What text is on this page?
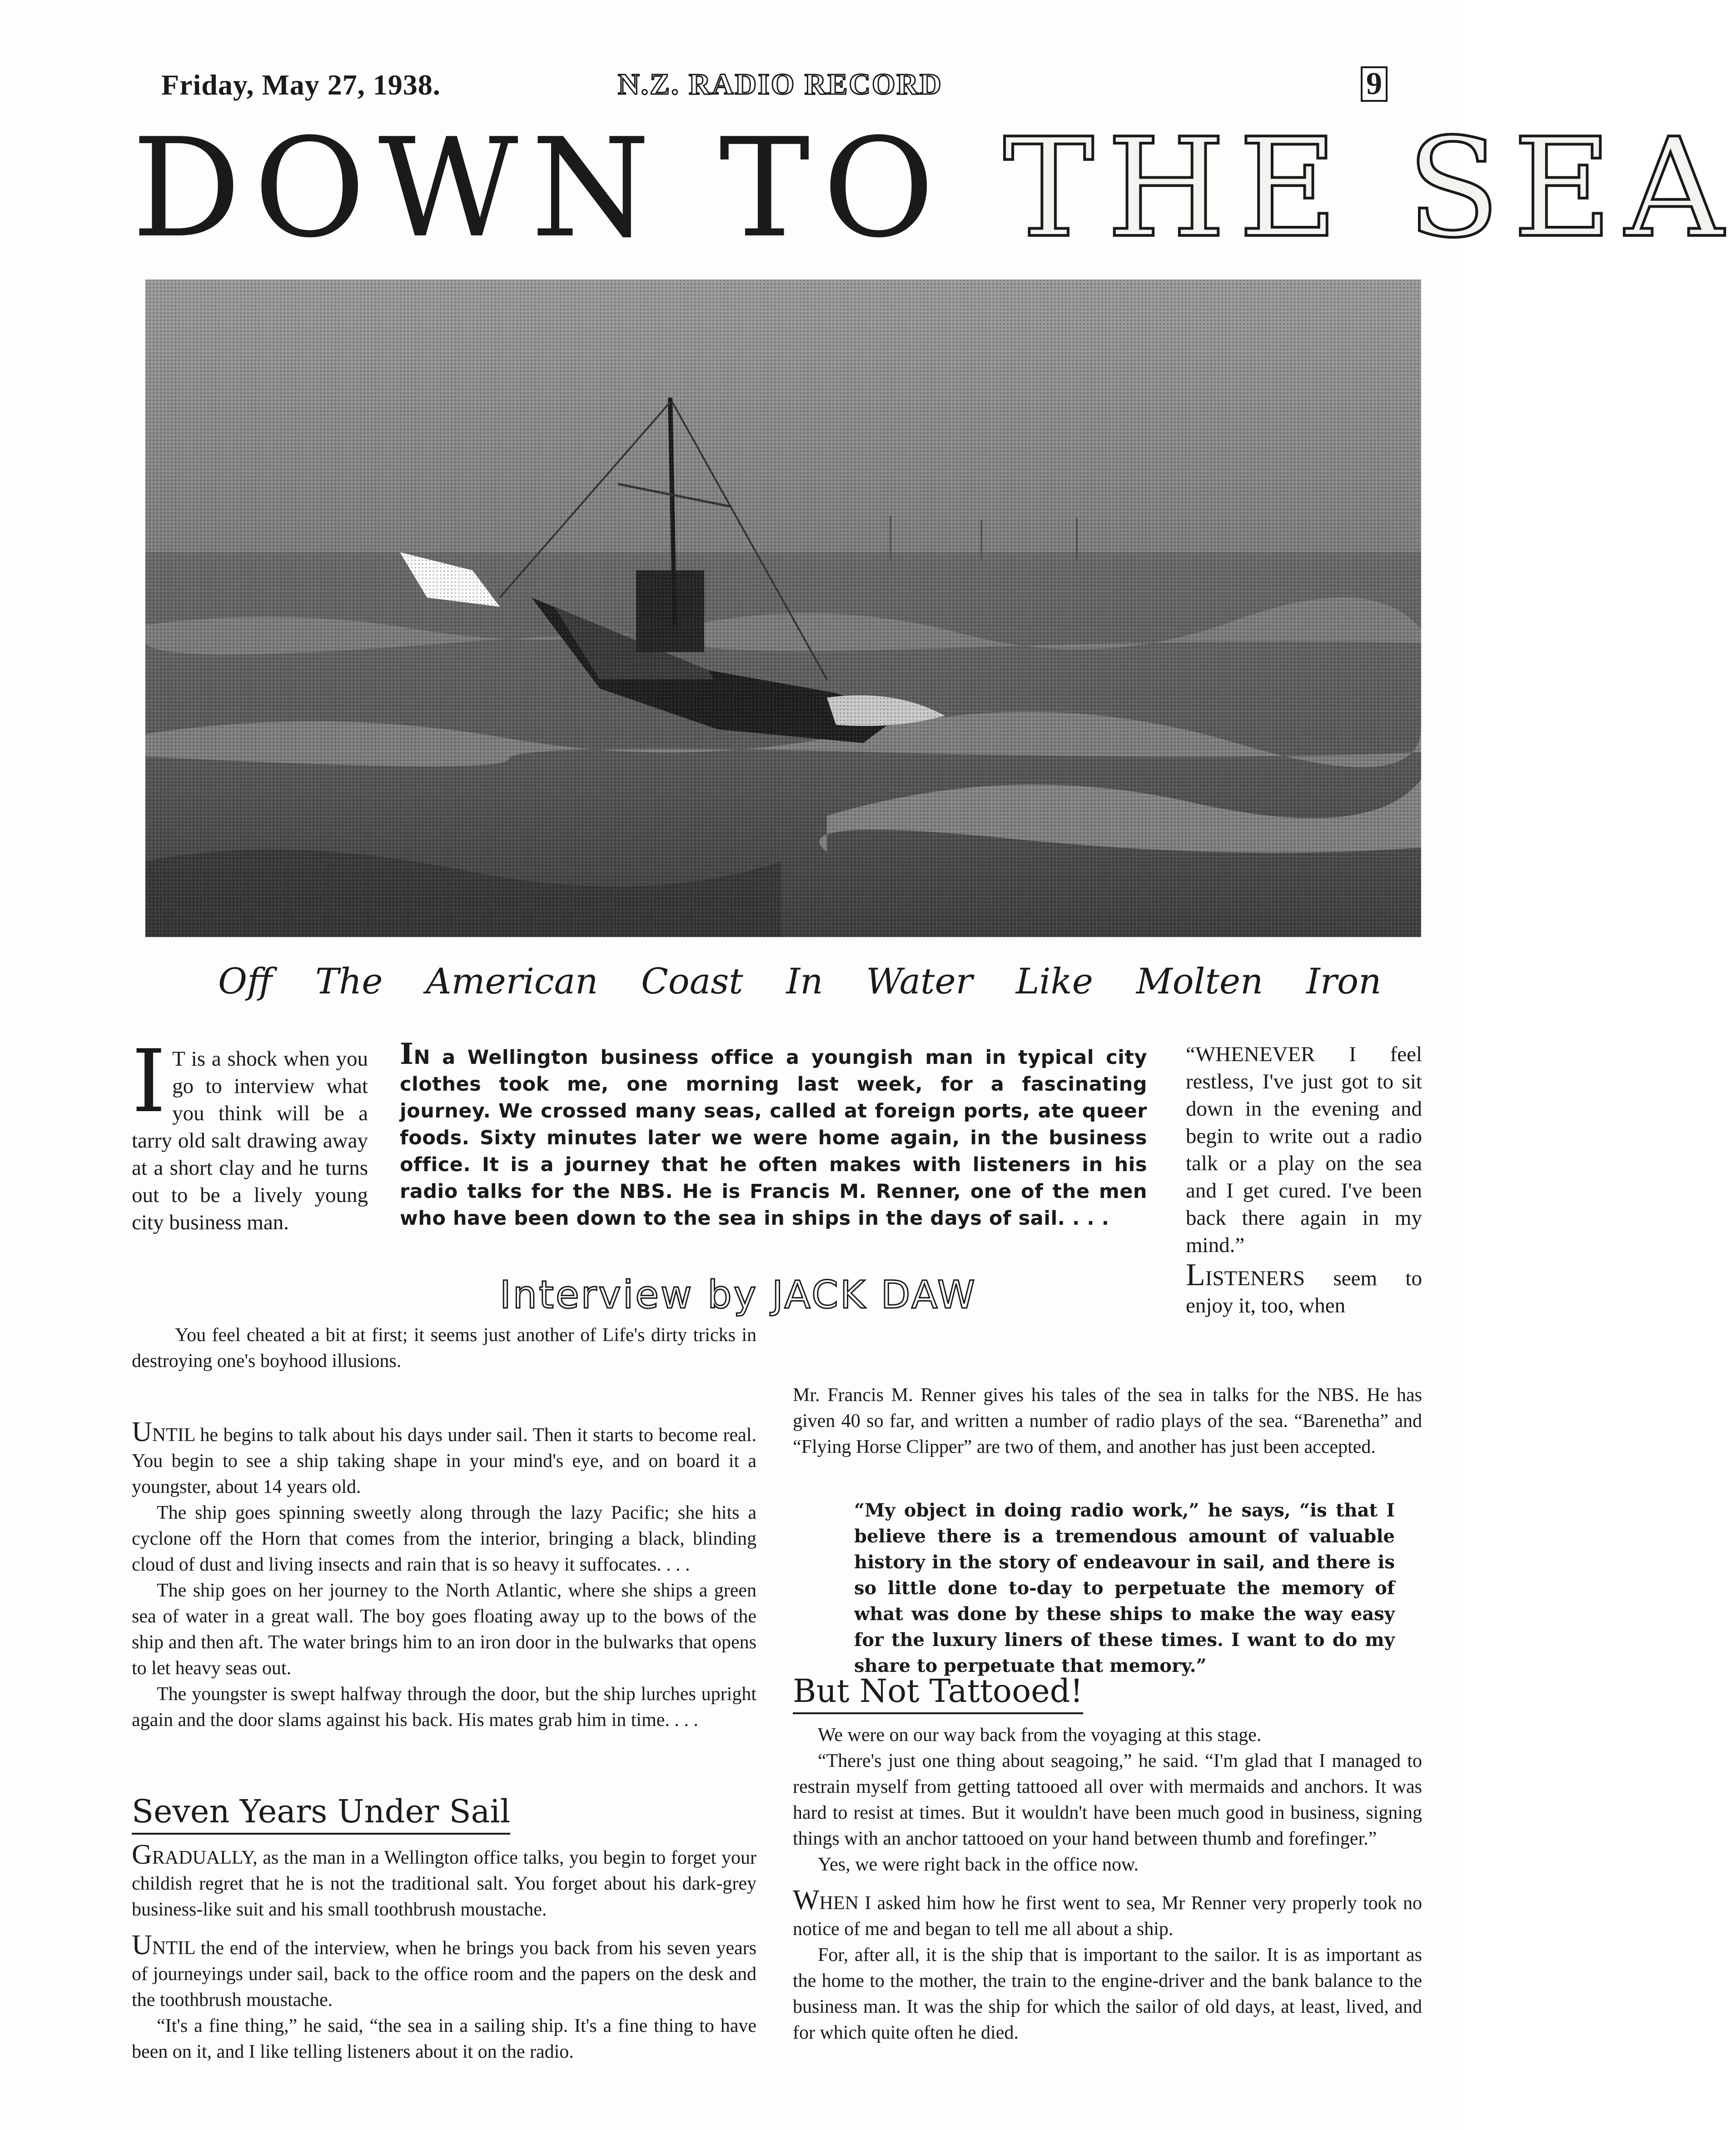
Friday, May 27, 1938.	N.Z. RADIO RECORD	9
DOWN TO THE SEA
Off The American Coast In Water Like Molten Iron
I T is a shock when you go to interview what you think will be a tarry old salt drawing away at a short clay and he turns out to be a lively young city business man.

You feel cheated a bit at first; it seems just another of Life's dirty tricks in destroying one's boyhood illusions.

IN a Wellington business office a youngish man in typical city clothes took me, one morning last week, for a fascinating journey. We crossed many seas, called at foreign ports, ate queer foods. Sixty minutes later we were home again, in the business office. It is a journey that he often makes with listeners in his radio talks for the NBS. He is Francis M. Renner, one of the men who have been down to the sea in ships in the days of sail. . . .
Interview by JACK DAW

“WHENEVER I feel restless, I've just got to sit down in the evening and begin to write out a radio talk or a play on the sea and I get cured. I've been back there again in my mind.”

LISTENERS seem to enjoy it, too, when

Mr. Francis M. Renner gives his tales of the sea in talks for the NBS. He has given 40 so far, and written a number of radio plays of the sea. “Barenetha” and “Flying Horse Clipper” are two of them, and another has just been accepted.

“My object in doing radio work,” he says, “is that I believe there is a tremendous amount of valuable history in the story of endeavour in sail, and there is so little done to-day to perpetuate the memory of what was done by these ships to make the way easy for the luxury liners of these times. I want to do my share to perpetuate that memory.”

UNTIL he begins to talk about his days under sail. Then it starts to become real. You begin to see a ship taking shape in your mind's eye, and on board it a youngster, about 14 years old.

The ship goes spinning sweetly along through the lazy Pacific; she hits a cyclone off the Horn that comes from the interior, bringing a black, blinding cloud of dust and living insects and rain that is so heavy it suffocates. . . .

The ship goes on her journey to the North Atlantic, where she ships a green sea of water in a great wall. The boy goes floating away up to the bows of the ship and then aft. The water brings him to an iron door in the bulwarks that opens to let heavy seas out.

The youngster is swept halfway through the door, but the ship lurches upright again and the door slams against his back. His mates grab him in time. . . .

Seven Years Under Sail

GRADUALLY, as the man in a Wellington office talks, you begin to forget your childish regret that he is not the traditional salt. You forget about his dark-grey business-like suit and his small toothbrush moustache.

UNTIL the end of the interview, when he brings you back from his seven years of journeyings under sail, back to the office room and the papers on the desk and the toothbrush moustache.

“It's a fine thing,” he said, “the sea in a sailing ship. It's a fine thing to have been on it, and I like telling listeners about it on the radio.

But Not Tattooed!

We were on our way back from the voyaging at this stage.

“There's just one thing about seagoing,” he said. “I'm glad that I managed to restrain myself from getting tattooed all over with mermaids and anchors. It was hard to resist at times. But it wouldn't have been much good in business, signing things with an anchor tattooed on your hand between thumb and forefinger.”

Yes, we were right back in the office now.

WHEN I asked him how he first went to sea, Mr Renner very properly took no notice of me and began to tell me all about a ship.

For, after all, it is the ship that is important to the sailor. It is as important as the home to the mother, the train to the engine-driver and the bank balance to the business man. It was the ship for which the sailor of old days, at least, lived, and for which quite often he died.
